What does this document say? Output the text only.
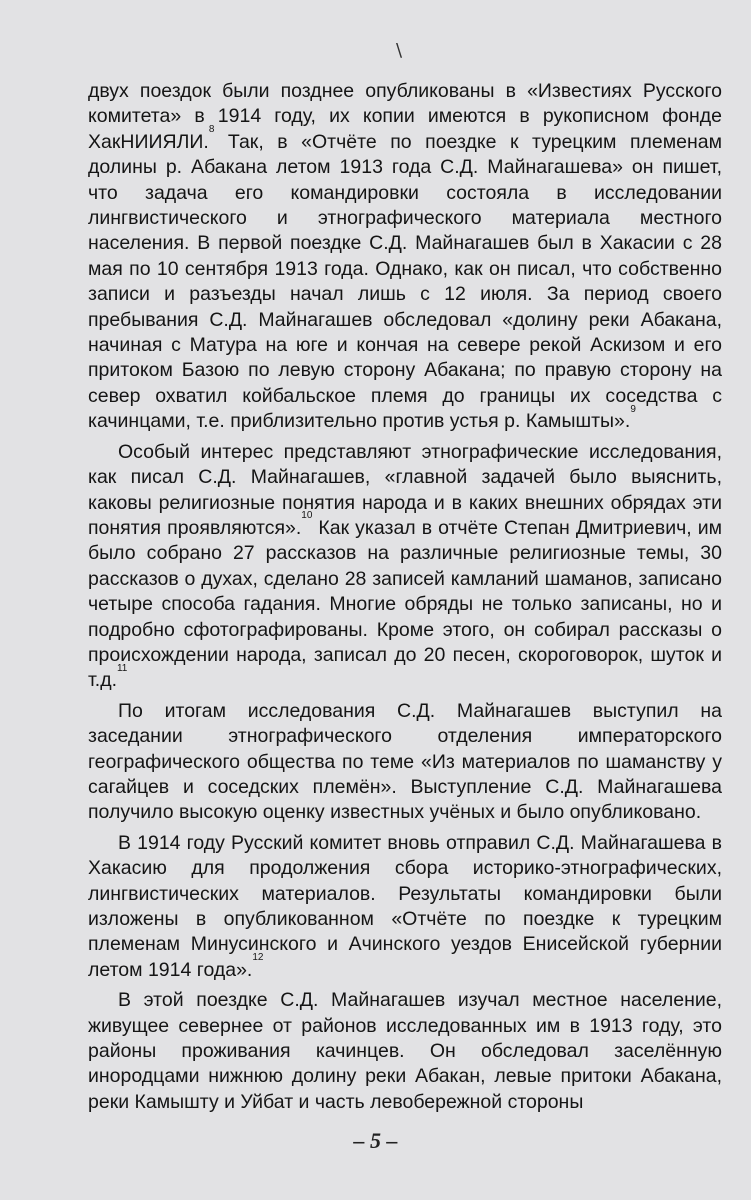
\

двух поездок были позднее опубликованы в «Известиях Русского комитета» в 1914 году, их копии имеются в рукописном фонде ХакНИИЯЛИ.$^8$ Так, в «Отчёте по поездке к турецким племенам долины р. Абакана летом 1913 года С.Д. Майнагашева» он пишет, что задача его командировки состояла в исследовании лингвистического и этнографического материала местного населения. В первой поездке С.Д. Майнагашев был в Хакасии с 28 мая по 10 сентября 1913 года. Однако, как он писал, что собственно записи и разъезды начал лишь с 12 июля. За период своего пребывания С.Д. Майнагашев обследовал «долину реки Абакана, начиная с Матура на юге и кончая на севере рекой Аскизом и его притоком Базою по левую сторону Абакана; по правую сторону на север охватил койбальское племя до границы их соседства с качинцами, т.е. приблизительно против устья р. Камышты».$^9$

Особый интерес представляют этнографические исследования, как писал С.Д. Майнагашев, «главной задачей было выяснить, каковы религиозные понятия народа и в каких внешних обрядах эти понятия проявляются».$^{10}$ Как указал в отчёте Степан Дмитриевич, им было собрано 27 рассказов на различные религиозные темы, 30 рассказов о духах, сделано 28 записей камланий шаманов, записано четыре способа гадания. Многие обряды не только записаны, но и подробно сфотографированы. Кроме этого, он собирал рассказы о происхождении народа, записал до 20 песен, скороговорок, шуток и т.д.$^{11}$

По итогам исследования С.Д. Майнагашев выступил на заседании этнографического отделения императорского географического общества по теме «Из материалов по шаманству у сагайцев и соседских племён». Выступление С.Д. Майнагашева получило высокую оценку известных учёных и было опубликовано.

В 1914 году Русский комитет вновь отправил С.Д. Майнагашева в Хакасию для продолжения сбора историко-этнографических, лингвистических материалов. Результаты командировки были изложены в опубликованном «Отчёте по поездке к турецким племенам Минусинского и Ачинского уездов Енисейской губернии летом 1914 года».$^{12}$

В этой поездке С.Д. Майнагашев изучал местное население, живущее севернее от районов исследованных им в 1913 году, это районы проживания качинцев. Он обследовал заселённую инородцами нижнюю долину реки Абакан, левые притоки Абакана, реки Камышту и Уйбат и часть левобережной стороны

– 5 –
